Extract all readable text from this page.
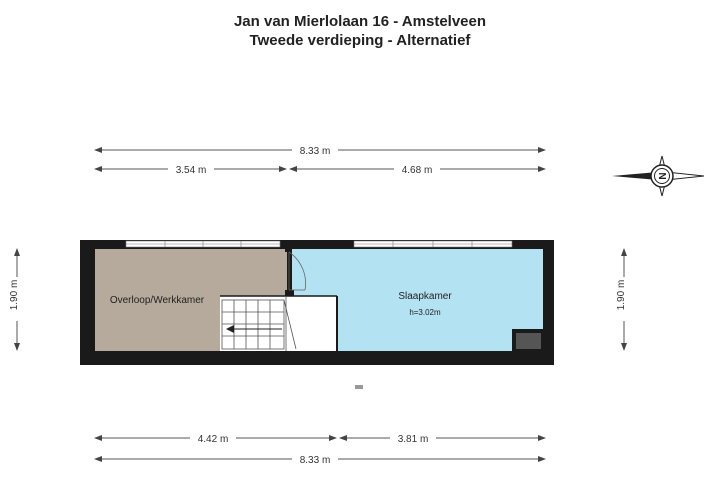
Jan van Mierlolaan 16 - Amstelveen
Tweede verdieping - Alternatief
8.33 m
3.54 m	4.68 m
4.42 m	3.81 m
8.33 m
1.90 m	1.90 m
N
Overloop/Werkkamer	Slaapkamer
h=3.02m
